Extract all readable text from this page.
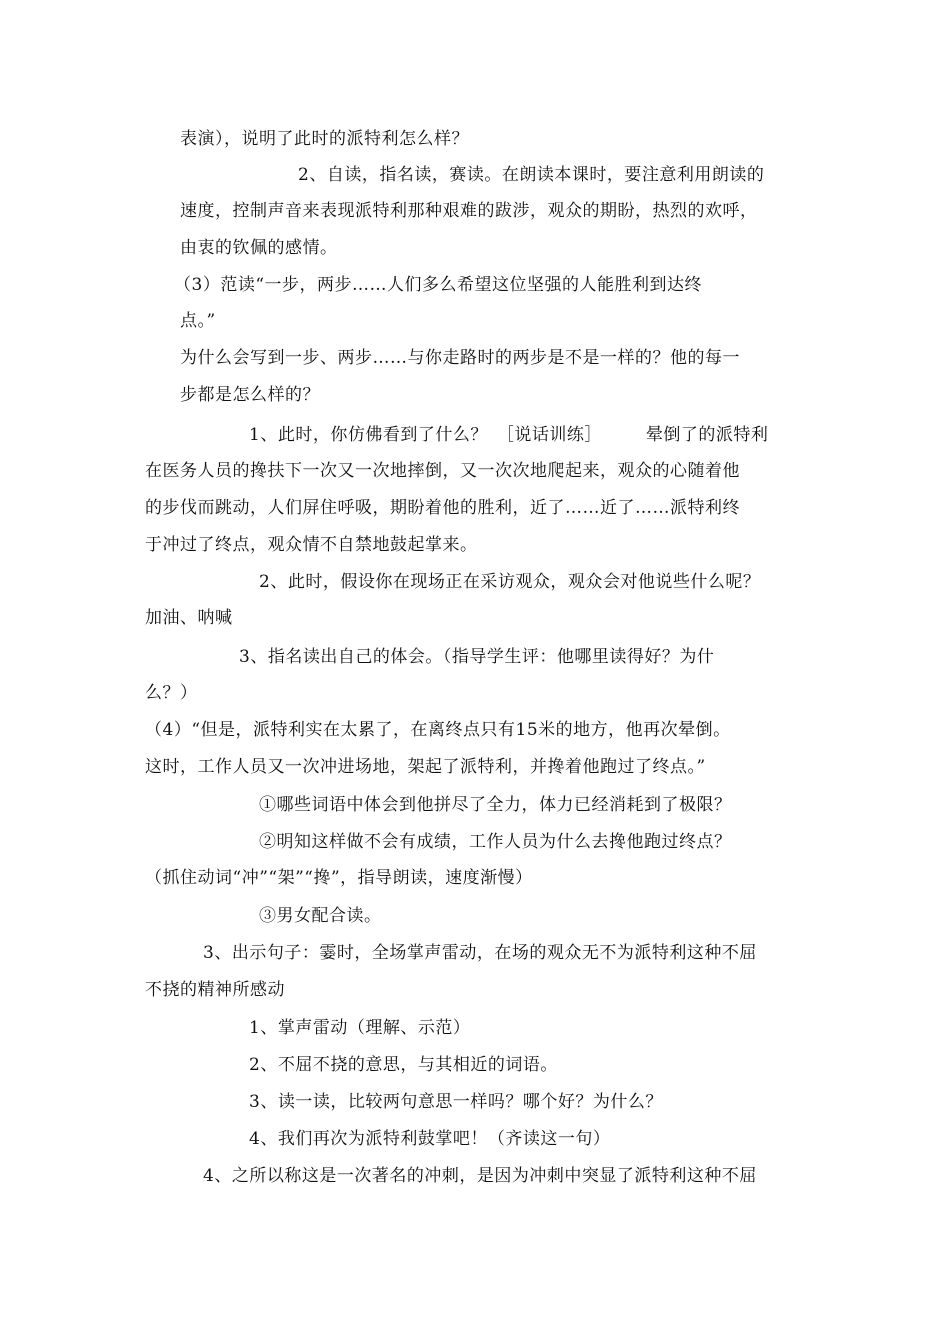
表演），说明了此时的派特利怎么样？
2、自读，指名读，赛读。在朗读本课时，要注意利用朗读的
速度，控制声音来表现派特利那种艰难的跋涉，观众的期盼，热烈的欢呼，
由衷的钦佩的感情。
（3）范读“一步，两步……人们多么希望这位坚强的人能胜利到达终
点。”
为什么会写到一步、两步……与你走路时的两步是不是一样的？他的每一
步都是怎么样的？
1、此时，你仿佛看到了什么？　［说话训练］　　　晕倒了的派特利
在医务人员的搀扶下一次又一次地摔倒，又一次次地爬起来，观众的心随着他
的步伐而跳动，人们屏住呼吸，期盼着他的胜利，近了……近了……派特利终
于冲过了终点，观众情不自禁地鼓起掌来。
2、此时，假设你在现场正在采访观众，观众会对他说些什么呢？
加油、呐喊
3、指名读出自己的体会。（指导学生评：他哪里读得好？为什
么？）
（4）“但是，派特利实在太累了，在离终点只有15米的地方，他再次晕倒。
这时，工作人员又一次冲进场地，架起了派特利，并搀着他跑过了终点。”
①哪些词语中体会到他拼尽了全力，体力已经消耗到了极限？
②明知这样做不会有成绩，工作人员为什么去搀他跑过终点？
（抓住动词“冲”“架”“搀”，指导朗读，速度渐慢）
③男女配合读。
3、出示句子：霎时，全场掌声雷动，在场的观众无不为派特利这种不屈
不挠的精神所感动
1、掌声雷动（理解、示范）
2、不屈不挠的意思，与其相近的词语。
3、读一读，比较两句意思一样吗？哪个好？为什么？
4、我们再次为派特利鼓掌吧！（齐读这一句）
4、之所以称这是一次著名的冲刺，是因为冲刺中突显了派特利这种不屈
